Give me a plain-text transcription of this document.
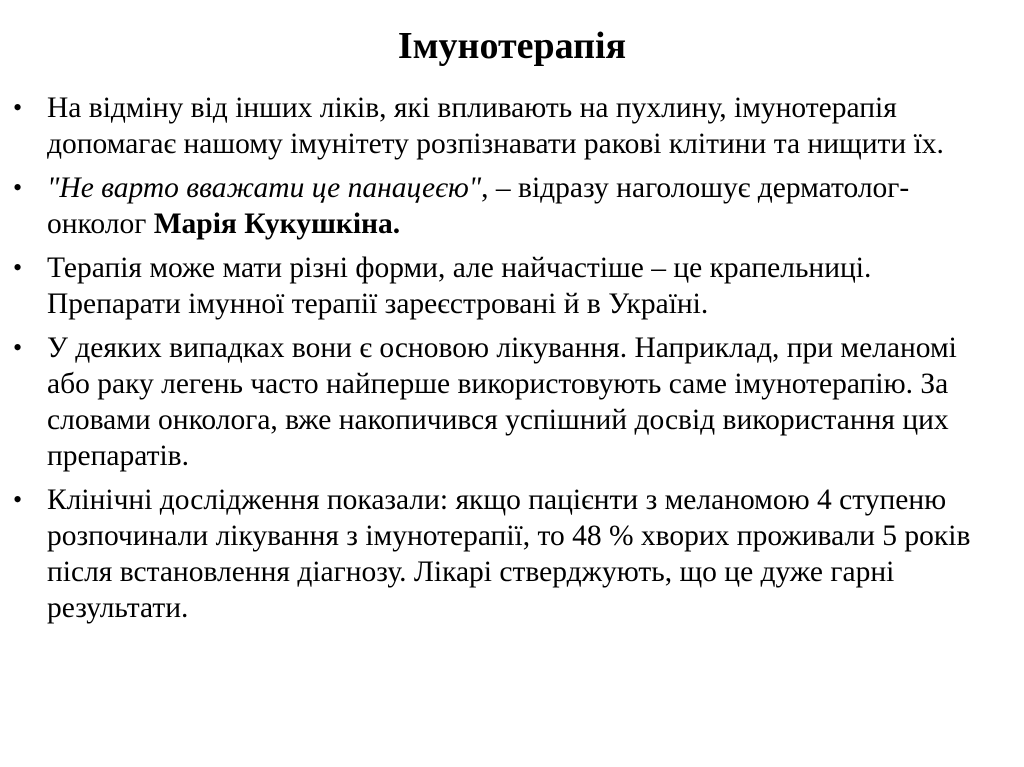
Імунотерапія
• На відміну від інших ліків, які впливають на пухлину, імунотерапія допомагає нашому імунітету розпізнавати ракові клітини та нищити їх.
• "Не варто вважати це панацеєю", – відразу наголошує дерматолог-онколог Марія Кукушкіна.
• Терапія може мати різні форми, але найчастіше – це крапельниці. Препарати імунної терапії зареєстровані й в Україні.
• У деяких випадках вони є основою лікування. Наприклад, при меланомі або раку легень часто найперше використовують саме імунотерапію. За словами онколога, вже накопичився успішний досвід використання цих препаратів.
• Клінічні дослідження показали: якщо пацієнти з меланомою 4 ступеню розпочинали лікування з імунотерапії, то 48 % хворих проживали 5 років після встановлення діагнозу. Лікарі стверджують, що це дуже гарні результати.
